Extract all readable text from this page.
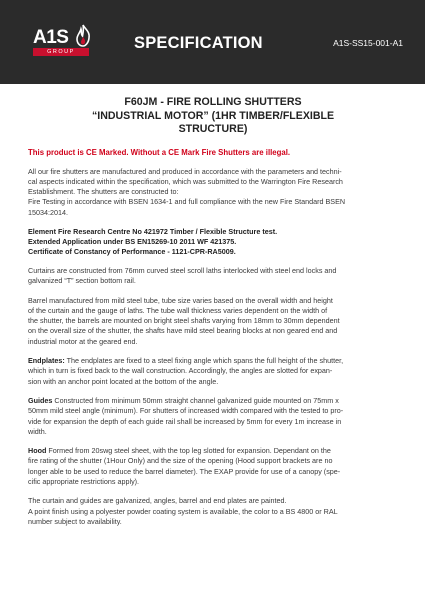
A1S
GROUP	SPECIFICATION	A1S-SS15-001-A1
F60JM - FIRE ROLLING SHUTTERS
“INDUSTRIAL MOTOR” (1HR TIMBER/FLEXIBLE
STRUCTURE)
This product is CE Marked. Without a CE Mark Fire Shutters are illegal.

All our fire shutters are manufactured and produced in accordance with the parameters and techni-

cal aspects indicated within the specification, which was submitted to the Warrington Fire Research

Establishment. The shutters are constructed to:

Fire Testing in accordance with BSEN 1634-1 and full compliance with the new Fire Standard BSEN

15034:2014.

Element Fire Research Centre No 421972 Timber / Flexible Structure test.

Extended Application under BS EN15269-10 2011 WF 421375.

Certificate of Constancy of Performance - 1121-CPR-RA5009.

Curtains are constructed from 76mm curved steel scroll laths interlocked with steel end locks and

galvanized “T” section bottom rail.

Barrel manufactured from mild steel tube, tube size varies based on the overall width and height

of the curtain and the gauge of laths. The tube wall thickness varies dependent on the width of

the shutter, the barrels are mounted on bright steel shafts varying from 18mm to 30mm dependent

on the overall size of the shutter, the shafts have mild steel bearing blocks at non geared end and

industrial motor at the geared end.

Endplates: The endplates are fixed to a steel fixing angle which spans the full height of the shutter,

which in turn is fixed back to the wall construction. Accordingly, the angles are slotted for expan-

sion with an anchor point located at the bottom of the angle.

Guides Constructed from minimum 50mm straight channel galvanized guide mounted on 75mm x

50mm mild steel angle (minimum). For shutters of increased width compared with the tested to pro-

vide for expansion the depth of each guide rail shall be increased by 5mm for every 1m increase in

width.

Hood Formed from 20swg steel sheet, with the top leg slotted for expansion. Dependant on the

fire rating of the shutter (1Hour Only) and the size of the opening (Hood support brackets are no

longer able to be used to reduce the barrel diameter). The EXAP provide for use of a canopy (spe-

cific appropriate restrictions apply).

The curtain and guides are galvanized, angles, barrel and end plates are painted.

A point finish using a polyester powder coating system is available, the color to a BS 4800 or RAL

number subject to availability.
